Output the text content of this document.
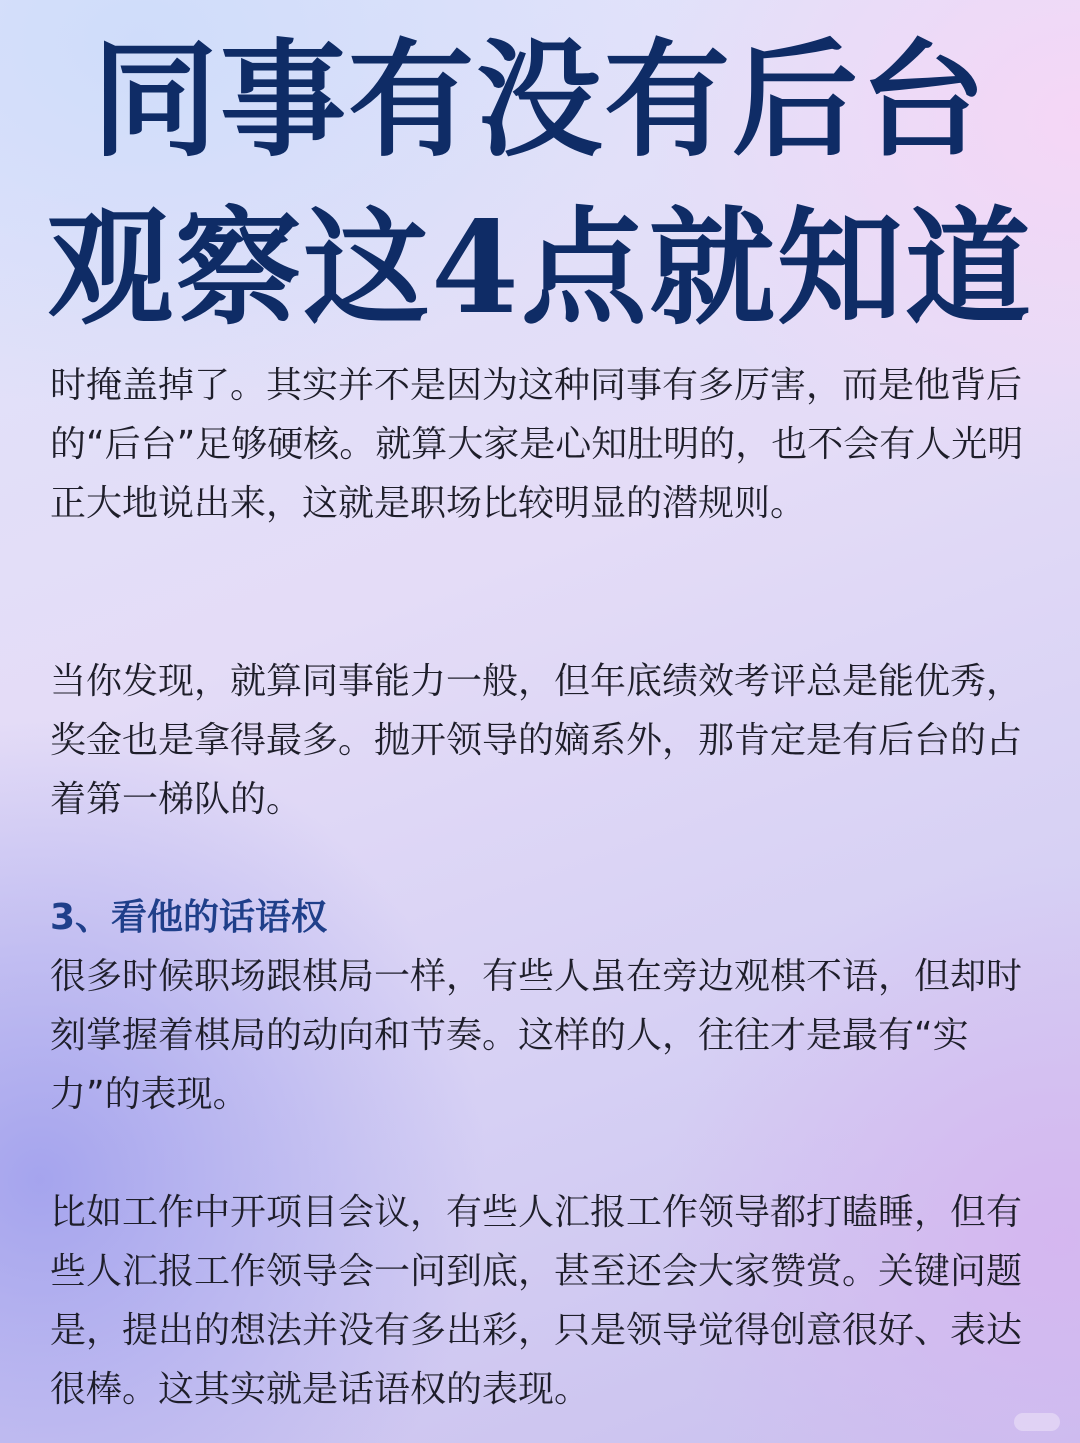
同事有没有后台
观察这4点就知道

时掩盖掉了。其实并不是因为这种同事有多厉害，而是他背后的“后台”足够硬核。就算大家是心知肚明的，也不会有人光明正大地说出来，这就是职场比较明显的潜规则。

当你发现，就算同事能力一般，但年底绩效考评总是能优秀，奖金也是拿得最多。抛开领导的嫡系外，那肯定是有后台的占着第一梯队的。

3、看他的话语权

很多时候职场跟棋局一样，有些人虽在旁边观棋不语，但却时刻掌握着棋局的动向和节奏。这样的人，往往才是最有“实力”的表现。

比如工作中开项目会议，有些人汇报工作领导都打瞌睡，但有些人汇报工作领导会一问到底，甚至还会大家赞赏。关键问题是，提出的想法并没有多出彩，只是领导觉得创意很好、表达很棒。这其实就是话语权的表现。
